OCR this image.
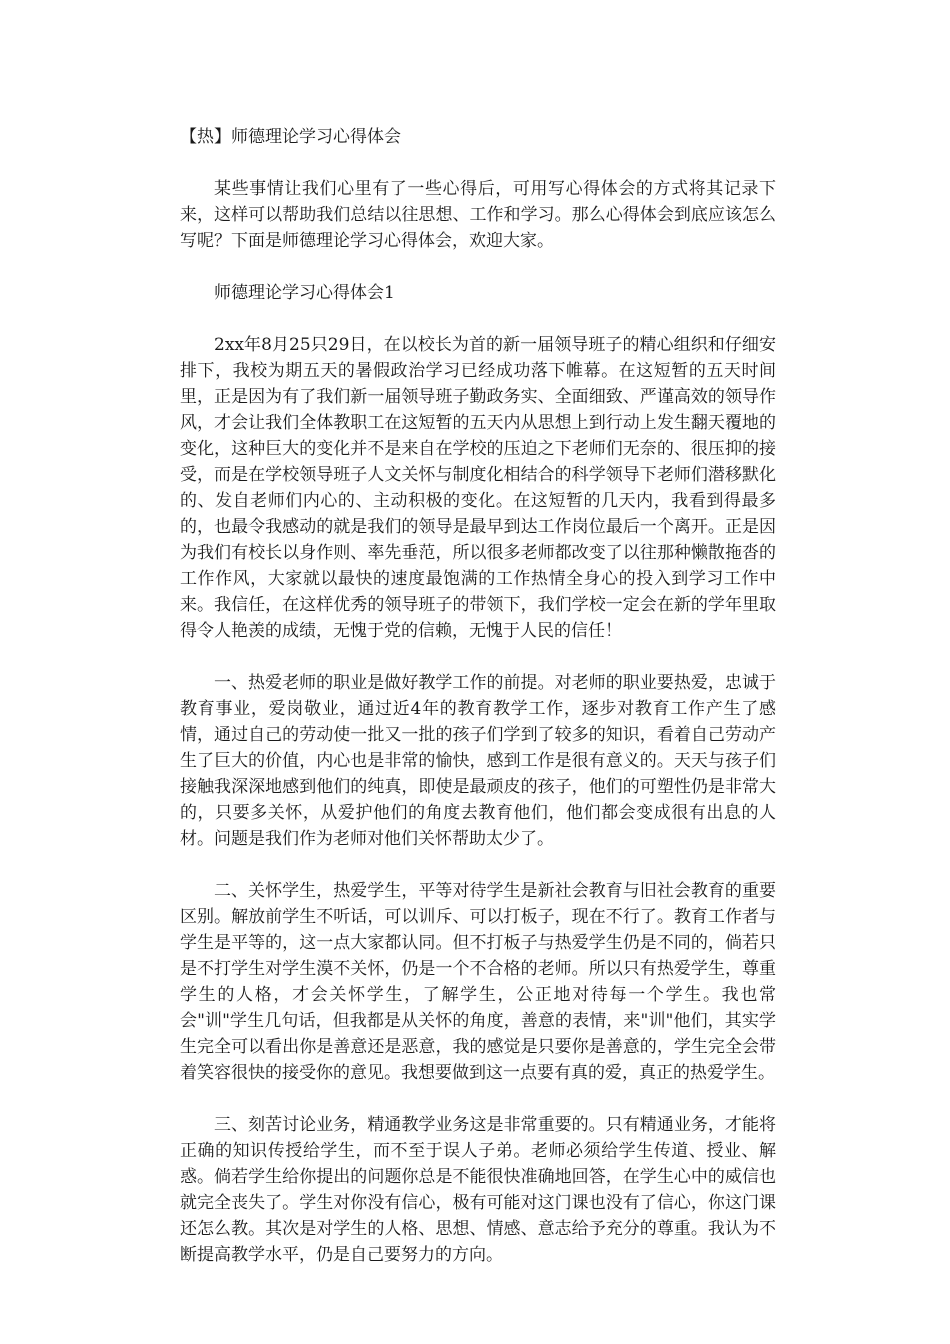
【热】师德理论学习心得体会

某些事情让我们心里有了一些心得后，可用写心得体会的方式将其记录下来，这样可以帮助我们总结以往思想、工作和学习。那么心得体会到底应该怎么写呢？下面是师德理论学习心得体会，欢迎大家。

师德理论学习心得体会1

2xx年8月25只29日，在以校长为首的新一届领导班子的精心组织和仔细安排下，我校为期五天的暑假政治学习已经成功落下帷幕。在这短暂的五天时间里，正是因为有了我们新一届领导班子勤政务实、全面细致、严谨高效的领导作风，才会让我们全体教职工在这短暂的五天内从思想上到行动上发生翻天覆地的变化，这种巨大的变化并不是来自在学校的压迫之下老师们无奈的、很压抑的接受，而是在学校领导班子人文关怀与制度化相结合的科学领导下老师们潜移默化的、发自老师们内心的、主动积极的变化。在这短暂的几天内，我看到得最多的，也最令我感动的就是我们的领导是最早到达工作岗位最后一个离开。正是因为我们有校长以身作则、率先垂范，所以很多老师都改变了以往那种懒散拖沓的工作作风，大家就以最快的速度最饱满的工作热情全身心的投入到学习工作中来。我信任，在这样优秀的领导班子的带领下，我们学校一定会在新的学年里取得令人艳羡的成绩，无愧于党的信赖，无愧于人民的信任！

一、热爱老师的职业是做好教学工作的前提。对老师的职业要热爱，忠诚于教育事业，爱岗敬业，通过近4年的教育教学工作，逐步对教育工作产生了感情，通过自己的劳动使一批又一批的孩子们学到了较多的知识，看着自己劳动产生了巨大的价值，内心也是非常的愉快，感到工作是很有意义的。天天与孩子们接触我深深地感到他们的纯真，即使是最顽皮的孩子，他们的可塑性仍是非常大的，只要多关怀，从爱护他们的角度去教育他们，他们都会变成很有出息的人材。问题是我们作为老师对他们关怀帮助太少了。

二、关怀学生，热爱学生，平等对待学生是新社会教育与旧社会教育的重要区别。解放前学生不听话，可以训斥、可以打板子，现在不行了。教育工作者与学生是平等的，这一点大家都认同。但不打板子与热爱学生仍是不同的，倘若只是不打学生对学生漠不关怀，仍是一个不合格的老师。所以只有热爱学生，尊重学生的人格，才会关怀学生，了解学生，公正地对待每一个学生。我也常会"训"学生几句话，但我都是从关怀的角度，善意的表情，来"训"他们，其实学生完全可以看出你是善意还是恶意，我的感觉是只要你是善意的，学生完全会带着笑容很快的接受你的意见。我想要做到这一点要有真的爱，真正的热爱学生。

三、刻苦讨论业务，精通教学业务这是非常重要的。只有精通业务，才能将正确的知识传授给学生，而不至于误人子弟。老师必须给学生传道、授业、解惑。倘若学生给你提出的问题你总是不能很快准确地回答，在学生心中的威信也就完全丧失了。学生对你没有信心，极有可能对这门课也没有了信心，你这门课还怎么教。其次是对学生的人格、思想、情感、意志给予充分的尊重。我认为不断提高教学水平，仍是自己要努力的方向。
